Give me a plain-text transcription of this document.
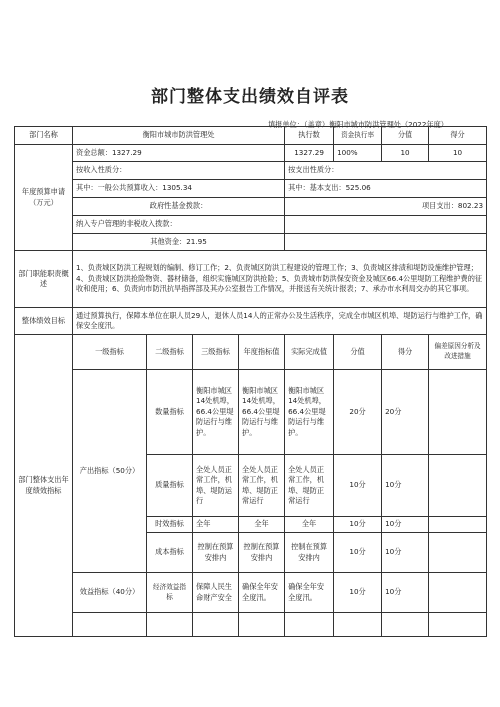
部门整体支出绩效自评表
填报单位：（盖章）衡阳市城市防洪管理处（2022年度）
部门名称	衡阳市城市防洪管理处				执行数	资金执行率	分值	得分
年度预算申请（万元）	资金总额：1327.29				1327.29	100%	10	10
	按收入性质分：				按支出性质分：			
	其中：一般公共预算收入：1305.34				其中：基本支出：525.06			
	政府性基金拨款：				项目支出：802.23			
	纳入专户管理的非税收入拨款：							
	其他资金：21.95							
部门职能职责概述	1、负责城区防洪工程规划的编制、修订工作；2、负责城区防洪工程建设的管理工作；3、负责城区排渍和堤防设施维护管理；4、负责城区防洪抢险物资、器材储备，组织实施城区防洪抢险；5、负责城市防洪保安资金及城区66.4公里堤防工程维护费的征收和使用；6、负责向市防汛抗旱指挥部及其办公室报告工作情况，并报送有关统计报表；7、承办市水利局交办的其它事项。							
整体绩效目标	通过预算执行，保障本单位在职人员29人，退休人员14人的正常办公及生活秩序，完成全市城区机埠、堤防运行与维护工作，确保安全度汛。							
部门整体支出年度绩效指标	一级指标	二级指标	三级指标	年度指标值	实际完成值	分值	得分	偏差原因分析及改进措施
	产出指标（50分）	数量指标	衡阳市城区14处机埠，66.4公里堤防运行与维护。	衡阳市城区14处机埠，66.4公里堤防运行与维护。	衡阳市城区14处机埠，66.4公里堤防运行与维护。	20分	20分	
		质量指标	全处人员正常工作，机埠、堤防运行	全处人员正常工作，机埠、堤防正常运行	全处人员正常工作，机埠、堤防正常运行	10分	10分	
		时效指标	全年	全年	全年	10分	10分	
		成本指标	控制在预算安排内	控制在预算安排内	控制在预算安排内	10分	10分	
	效益指标（40分）	经济效益指标	保障人民生命财产安全	确保全年安全度汛。	确保全年安全度汛。	10分	10分	
